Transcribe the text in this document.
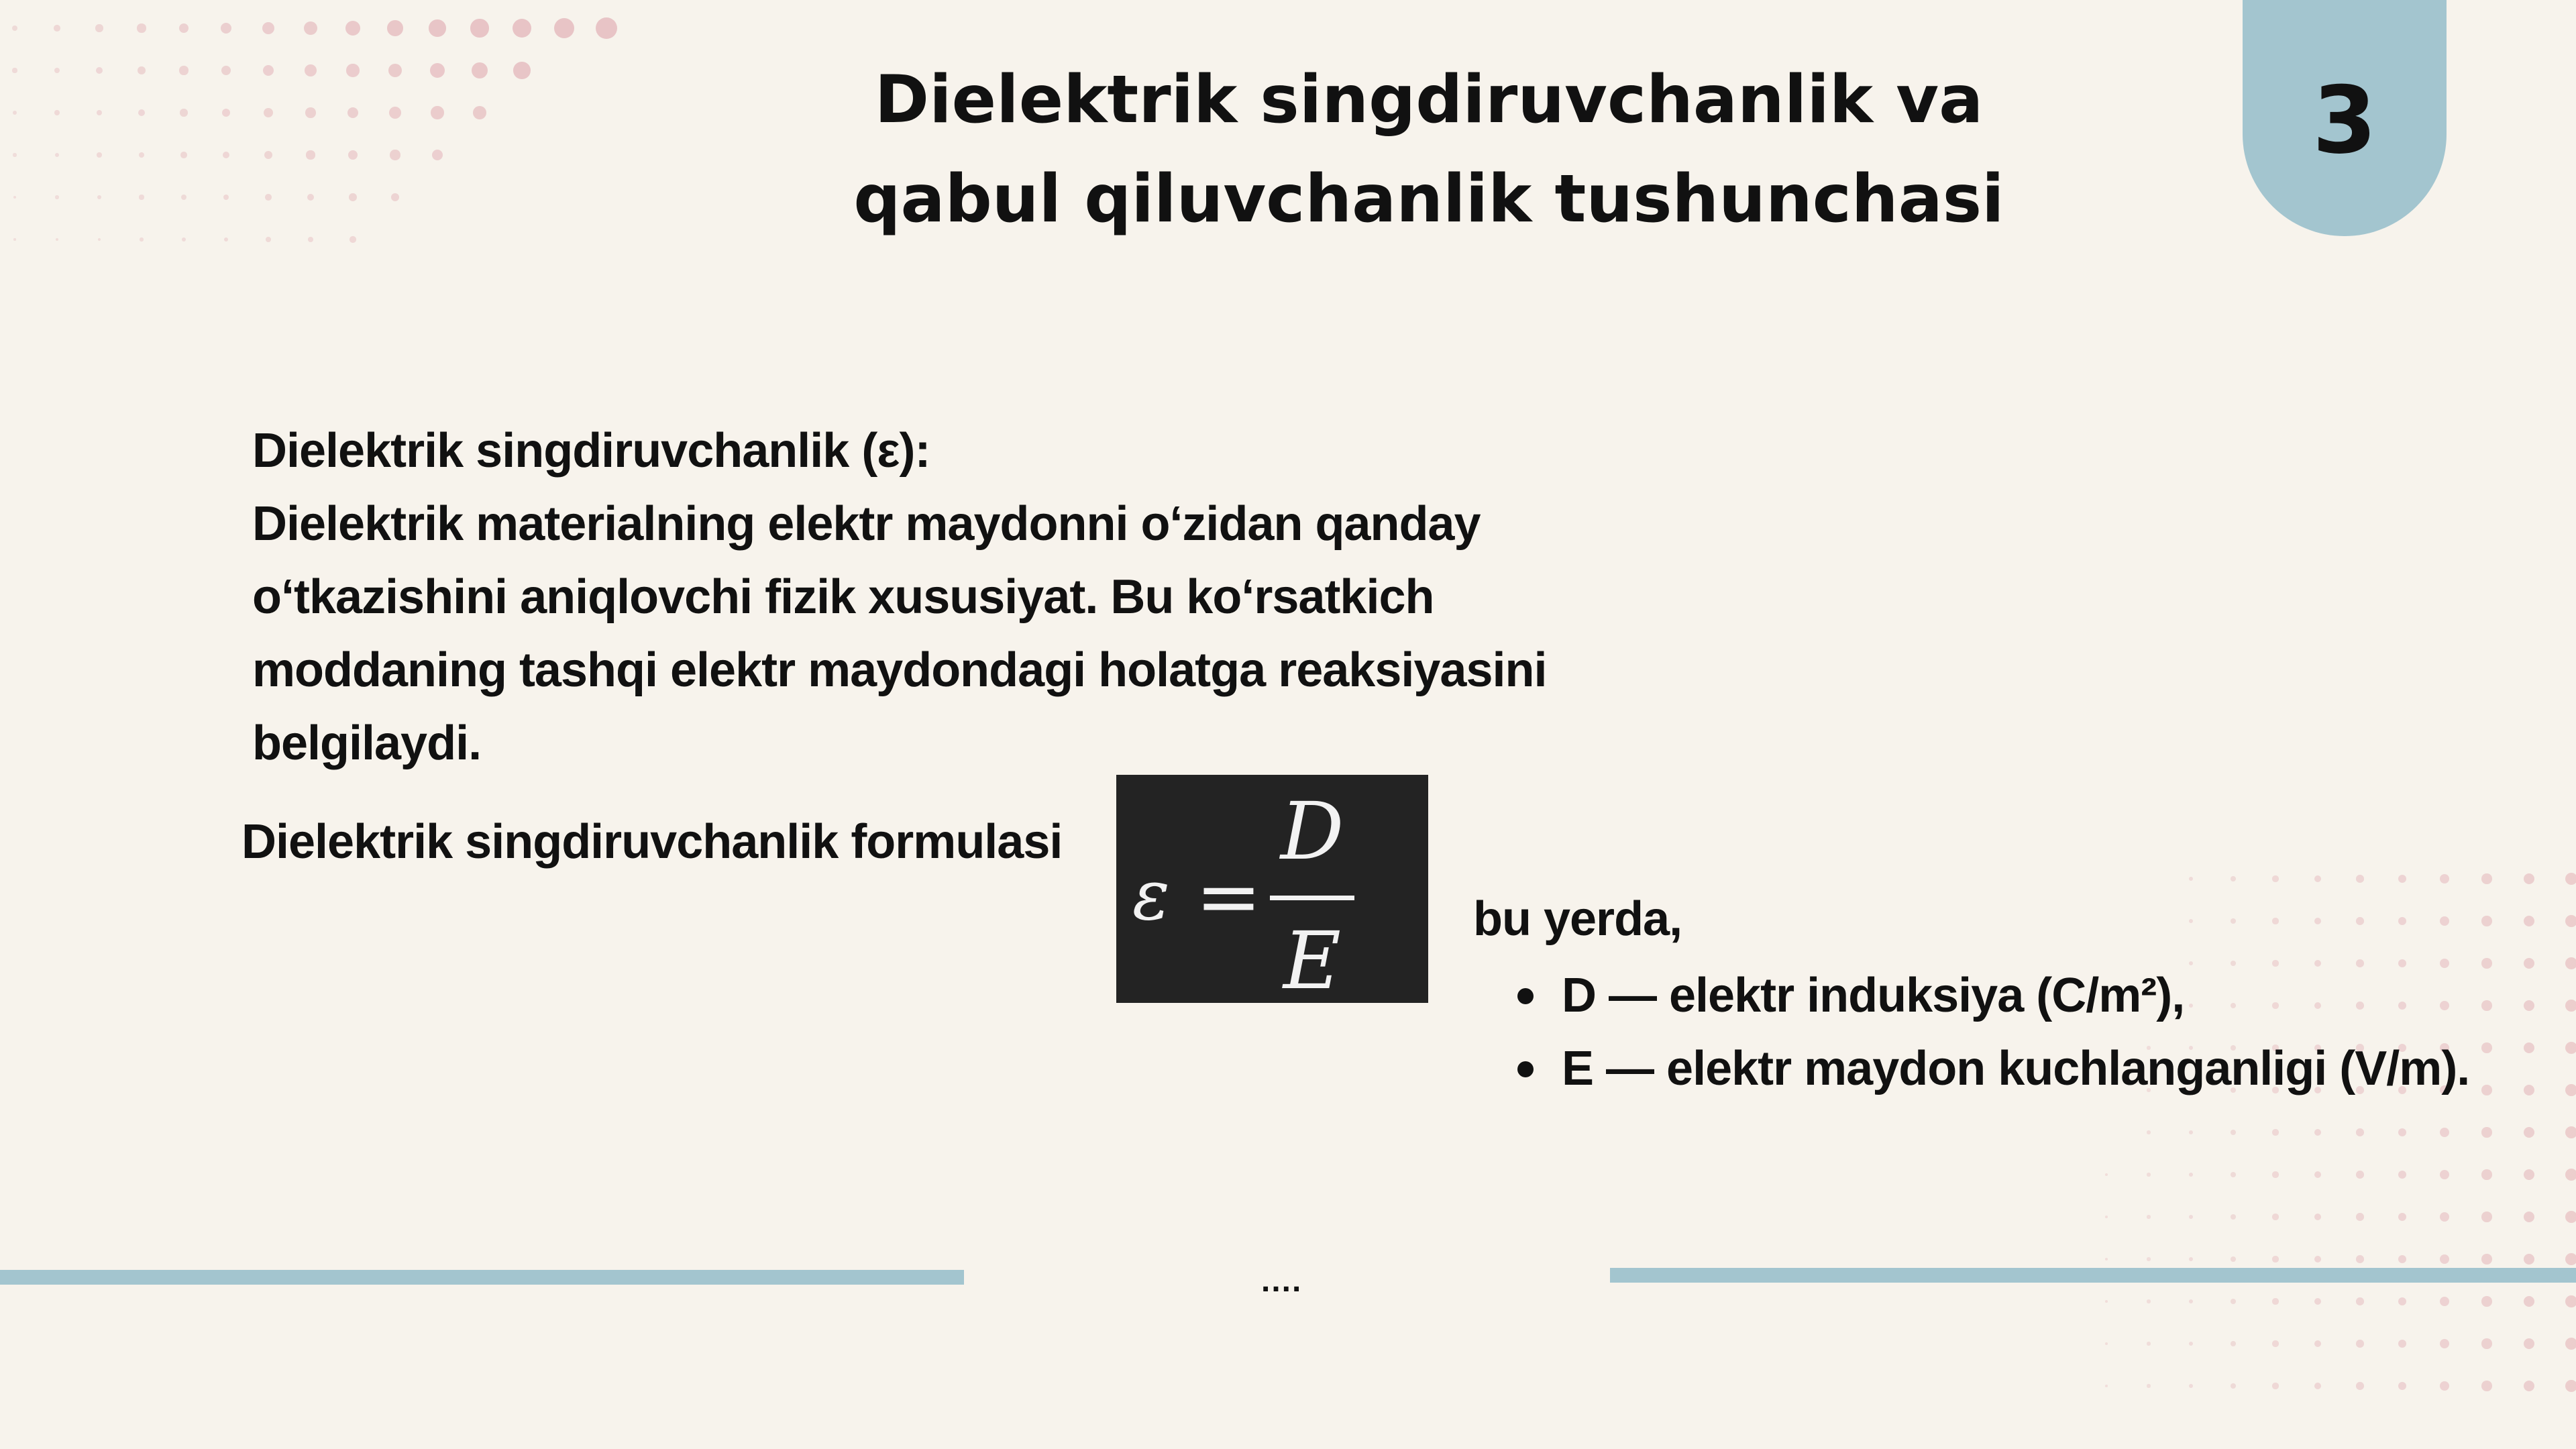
Dielektrik singdiruvchanlik va
qabul qiluvchanlik tushunchasi
3
Dielektrik singdiruvchanlik (ε):
Dielektrik materialning elektr maydonni o‘zidan qanday
o‘tkazishini aniqlovchi fizik xususiyat. Bu ko‘rsatkich
moddaning tashqi elektr maydondagi holatga reaksiyasini
belgilaydi.
Dielektrik singdiruvchanlik formulasi
ε =
D
E	bu yerda,
D — elektr induksiya (C/m²),
E — elektr maydon kuchlanganligi (V/m).
....
